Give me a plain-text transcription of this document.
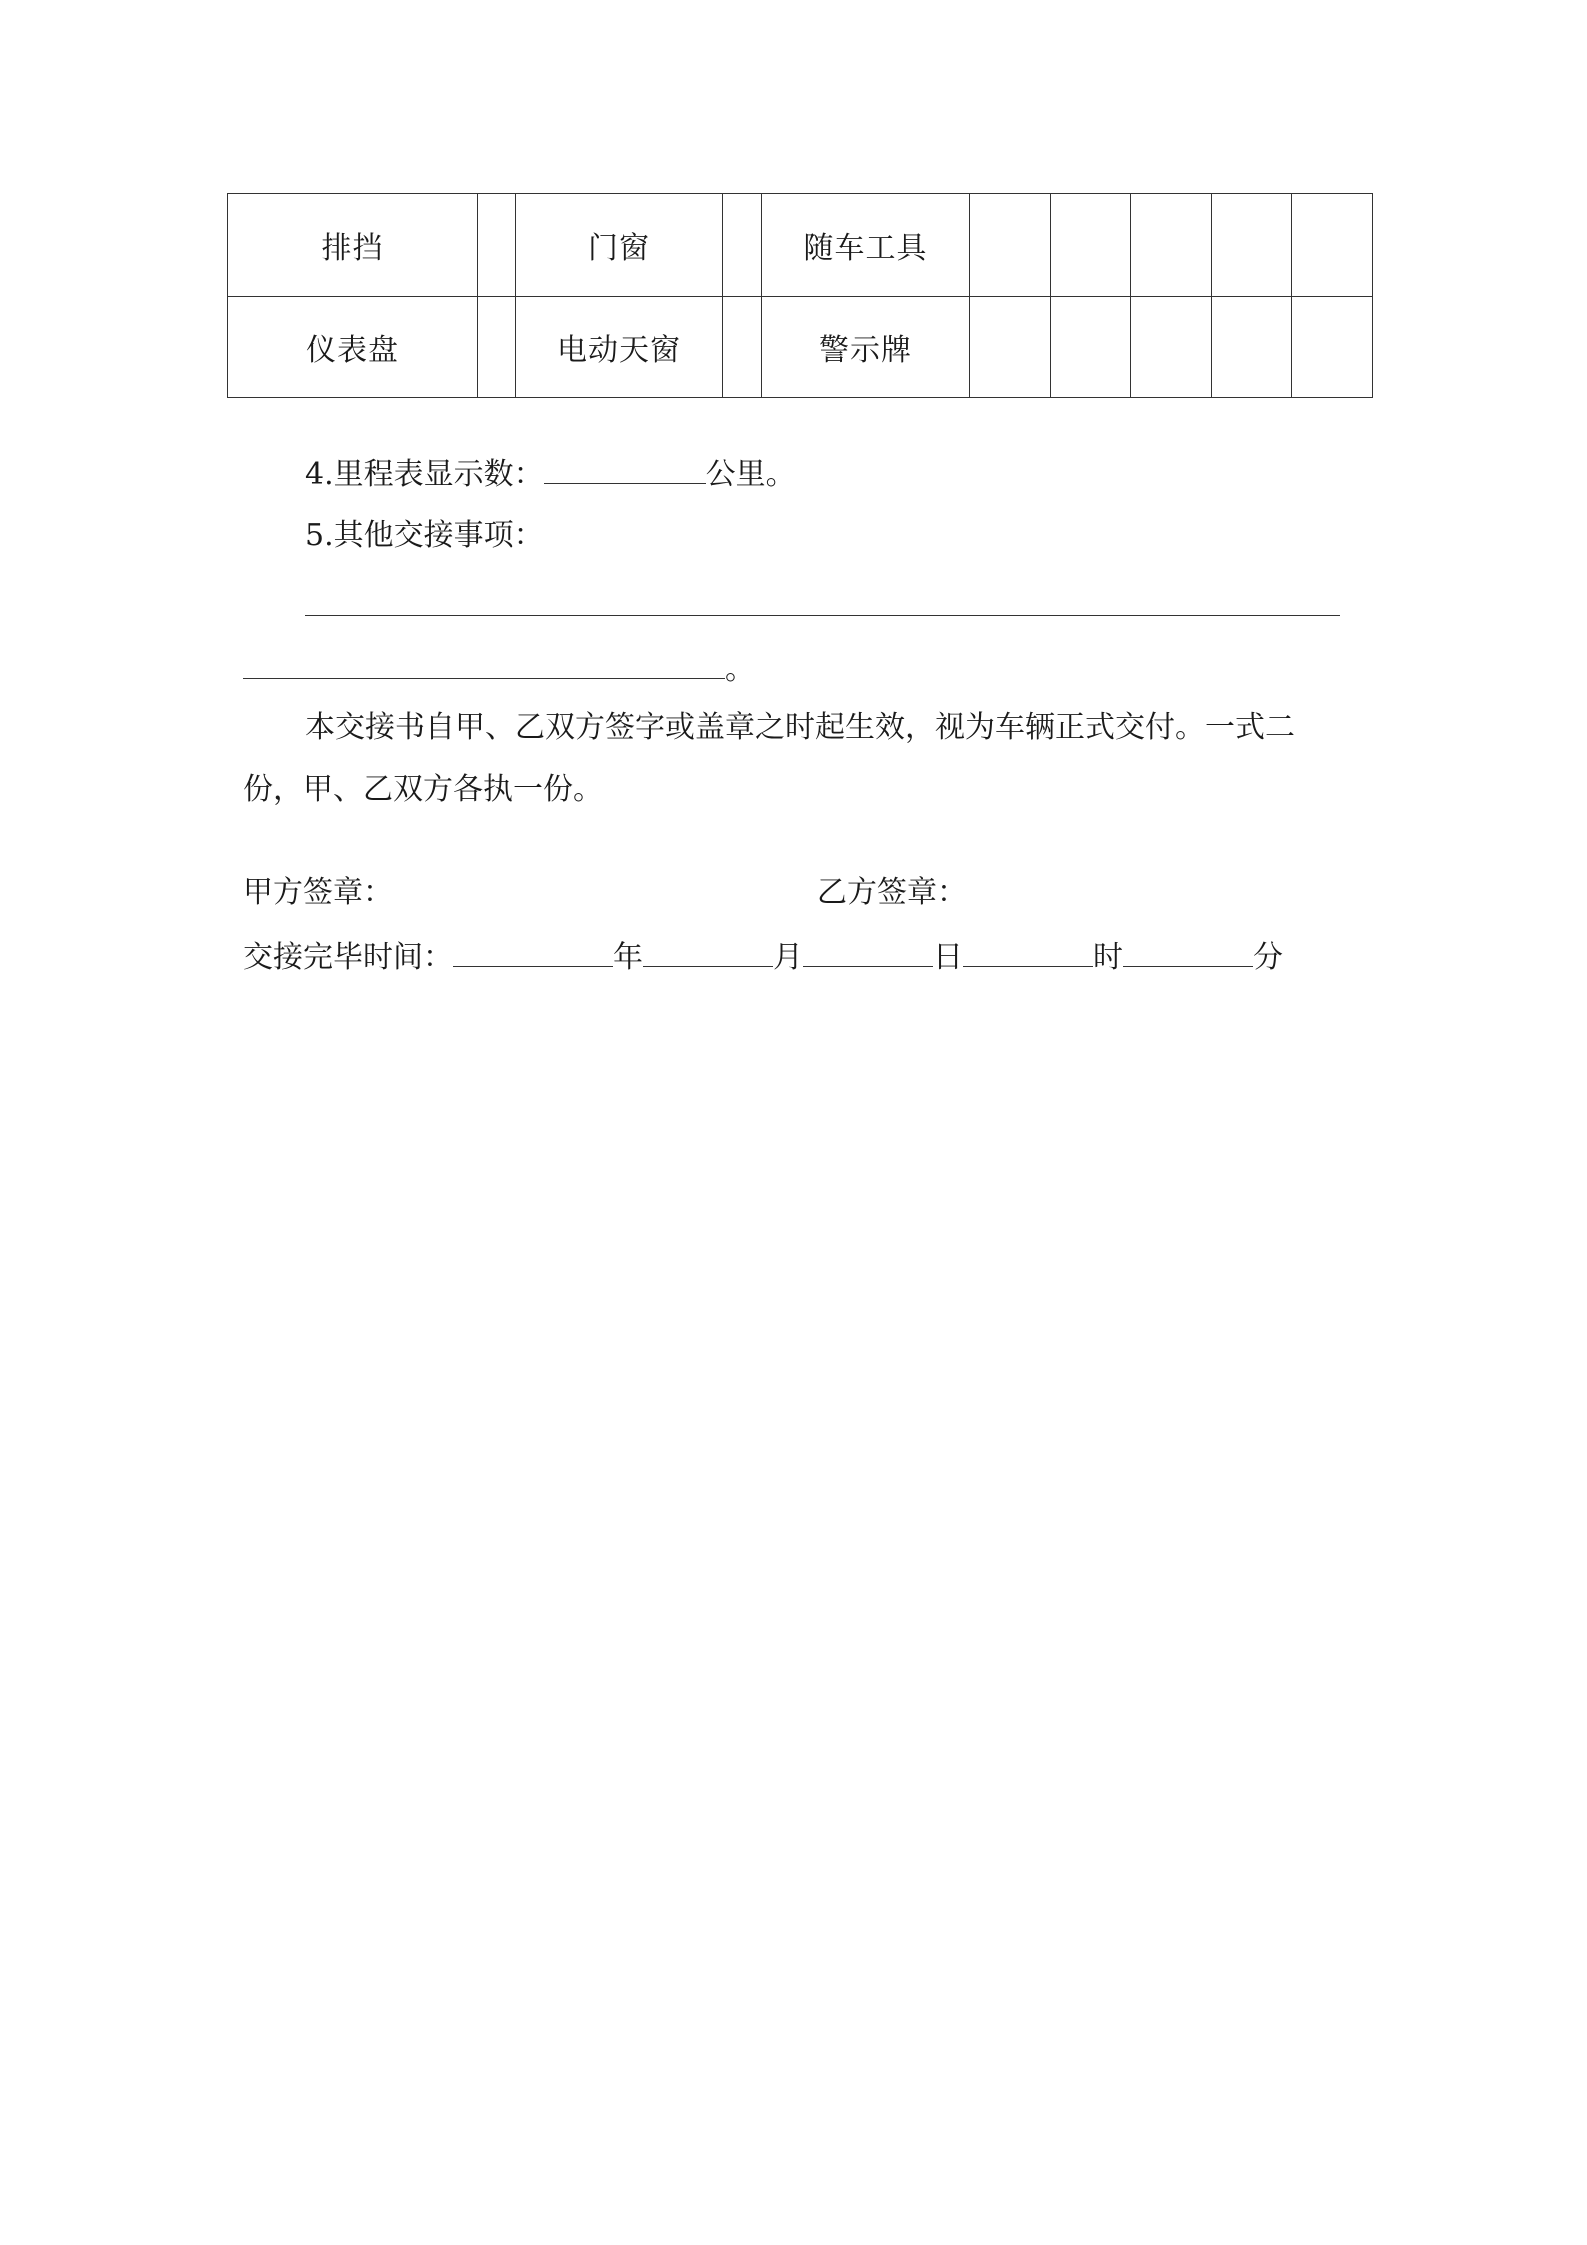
排挡		门窗		随车工具					
仪表盘		电动天窗		警示牌					
4.里程表显示数：	公里。
5.其他交接事项：
。
本交接书自甲、乙双方签字或盖章之时起生效，视为车辆正式交付。一式二
份，甲、乙双方各执一份。
甲方签章：	乙方签章：
交接完毕时间：	年	月	日	时	分
